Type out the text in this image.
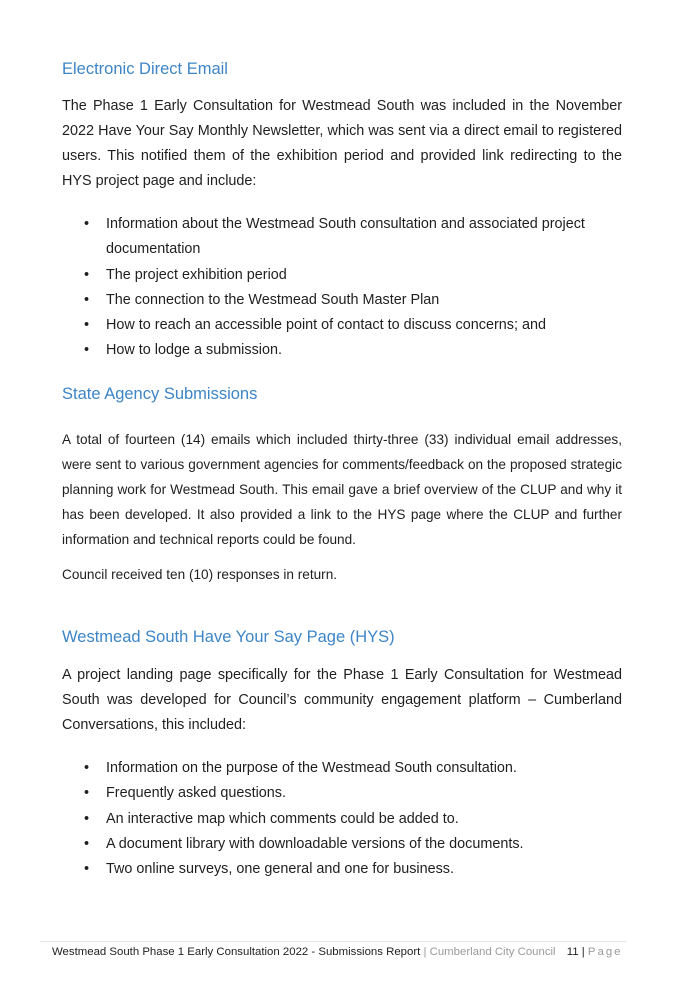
Electronic Direct Email

The Phase 1 Early Consultation for Westmead South was included in the November 2022 Have Your Say Monthly Newsletter, which was sent via a direct email to registered users. This notified them of the exhibition period and provided link redirecting to the HYS project page and include:

• Information about the Westmead South consultation and associated project documentation
• The project exhibition period
• The connection to the Westmead South Master Plan
• How to reach an accessible point of contact to discuss concerns; and
• How to lodge a submission.
State Agency Submissions

A total of fourteen (14) emails which included thirty-three (33) individual email addresses, were sent to various government agencies for comments/feedback on the proposed strategic planning work for Westmead South. This email gave a brief overview of the CLUP and why it has been developed. It also provided a link to the HYS page where the CLUP and further information and technical reports could be found.

Council received ten (10) responses in return.

Westmead South Have Your Say Page (HYS)

A project landing page specifically for the Phase 1 Early Consultation for Westmead South was developed for Council’s community engagement platform – Cumberland Conversations, this included:

• Information on the purpose of the Westmead South consultation.
• Frequently asked questions.
• An interactive map which comments could be added to.
• A document library with downloadable versions of the documents.
• Two online surveys, one general and one for business.
Westmead South Phase 1 Early Consultation 2022 - Submissions Report | Cumberland City Council 11 | Page
